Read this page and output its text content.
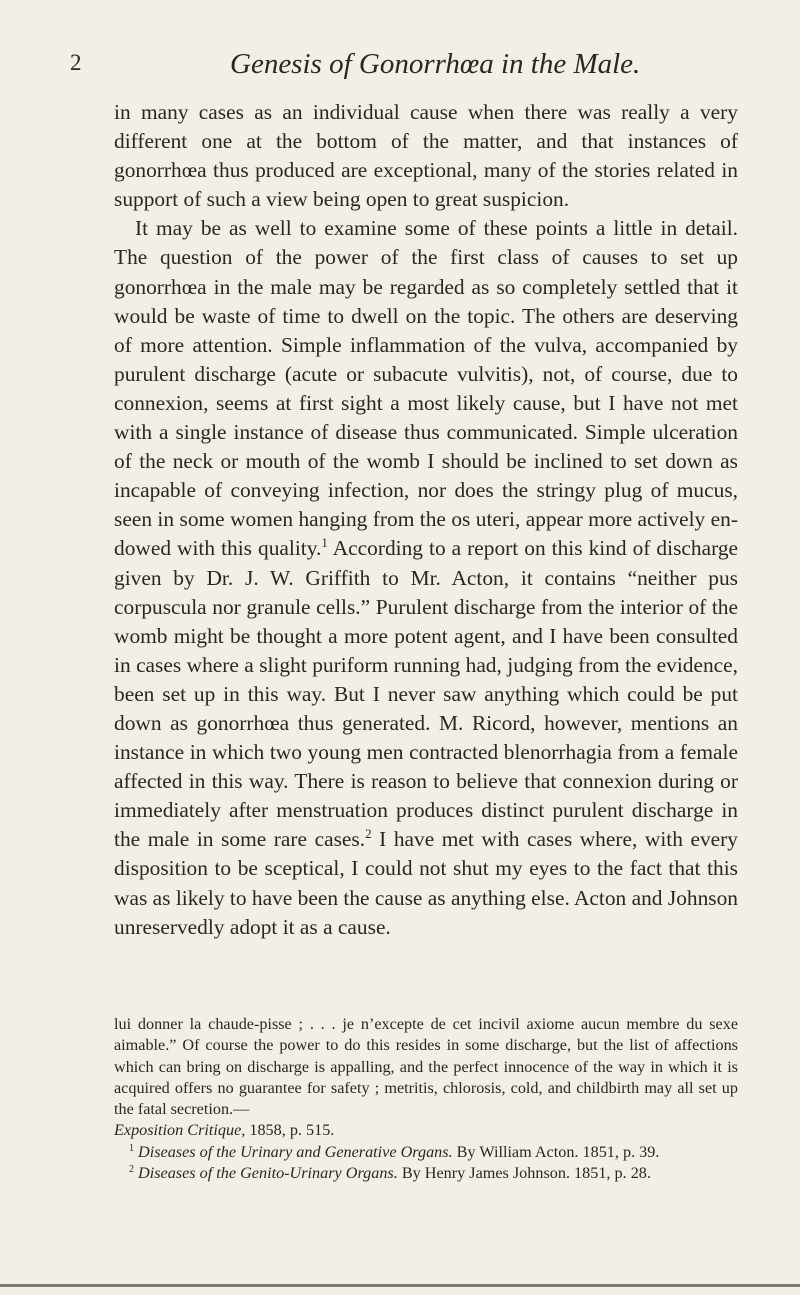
2	Genesis of Gonorrhœa in the Male.

in many cases as an individual cause when there was really a very different one at the bottom of the matter, and that instances of gonorrhœa thus produced are exceptional, many of the stories related in support of such a view being open to great suspicion.

It may be as well to examine some of these points a little in detail. The question of the power of the first class of causes to set up gonorrhœa in the male may be regarded as so completely settled that it would be waste of time to dwell on the topic. The others are deserving of more attention. Simple inflammation of the vulva, accompanied by purulent discharge (acute or subacute vulvitis), not, of course, due to connexion, seems at first sight a most likely cause, but I have not met with a single instance of disease thus communicated. Simple ulceration of the neck or mouth of the womb I should be inclined to set down as incapable of conveying infection, nor does the stringy plug of mucus, seen in some women hanging from the os uteri, appear more actively endowed with this quality.$^1$ According to a report on this kind of discharge given by Dr. J. W. Griffith to Mr. Acton, it contains “neither pus corpuscula nor granule cells.” Purulent discharge from the interior of the womb might be thought a more potent agent, and I have been consulted in cases where a slight puriform running had, judging from the evidence, been set up in this way. But I never saw anything which could be put down as gonorrhœa thus generated. M. Ricord, however, mentions an instance in which two young men contracted blenorrhagia from a female affected in this way. There is reason to believe that connexion during or immediately after menstruation produces distinct purulent discharge in the male in some rare cases.$^2$ I have met with cases where, with every disposition to be sceptical, I could not shut my eyes to the fact that this was as likely to have been the cause as anything else. Acton and Johnson unreservedly adopt it as a cause.

lui donner la chaude-pisse ; . . . je n’excepte de cet incivil axiome aucun membre du sexe aimable.” Of course the power to do this resides in some discharge, but the list of affections which can bring on discharge is appalling, and the perfect innocence of the way in which it is acquired offers no guarantee for safety ; metritis, chlorosis, cold, and childbirth may all set up the fatal secretion.—
Exposition Critique, 1858, p. 515.

$^1$ Diseases of the Urinary and Generative Organs. By William Acton. 1851, p. 39.

$^2$ Diseases of the Genito-Urinary Organs. By Henry James Johnson. 1851, p. 28.
